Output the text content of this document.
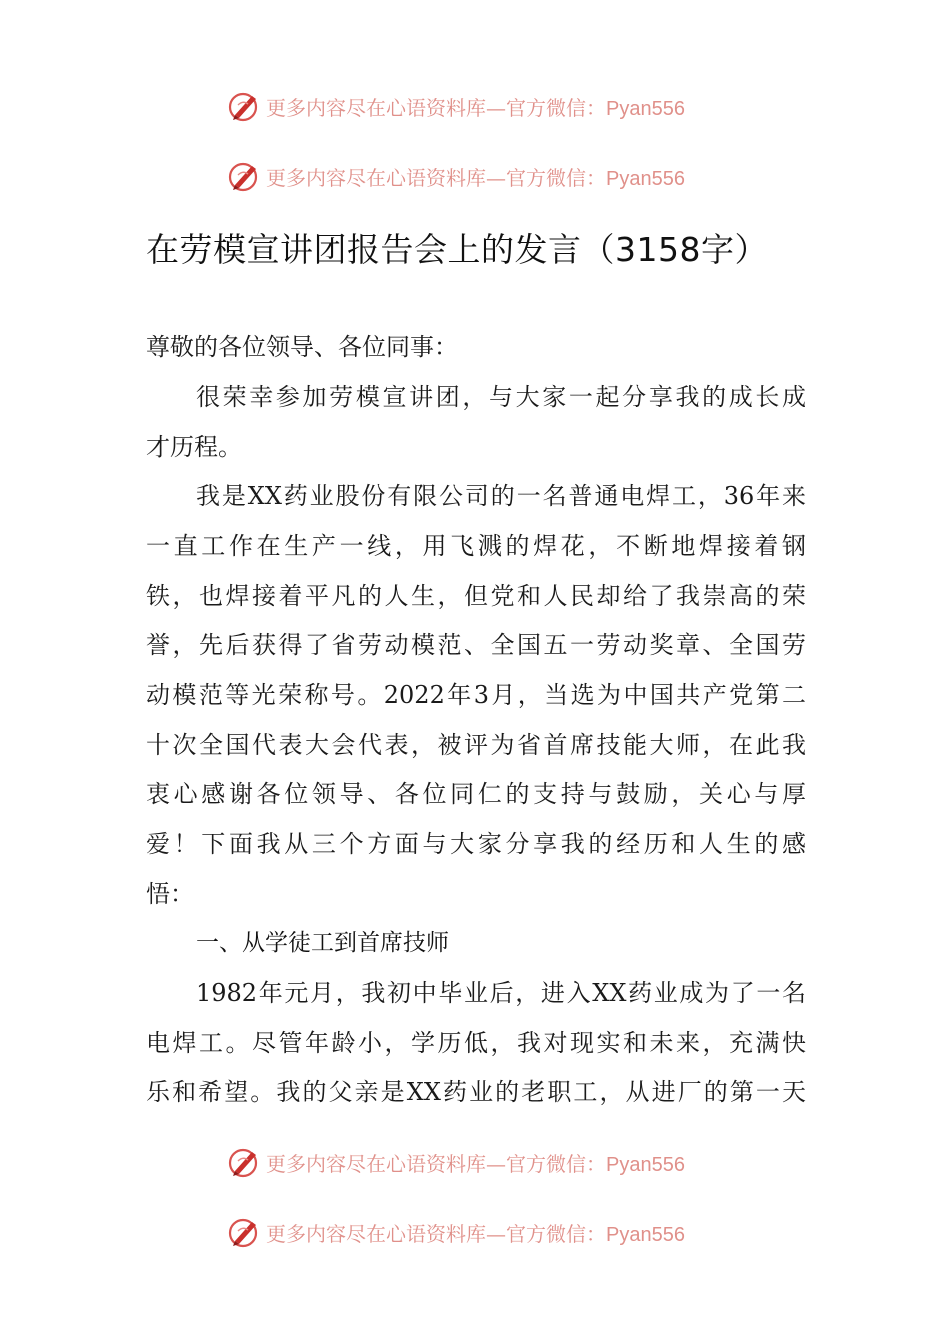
更多内容尽在心语资料库—官方微信：Pyan556
更多内容尽在心语资料库—官方微信：Pyan556
在劳模宣讲团报告会上的发言（3158字）
尊敬的各位领导、各位同事：
很荣幸参加劳模宣讲团，与大家一起分享我的成长成
才历程。
我是XX药业股份有限公司的一名普通电焊工，36年来
一直工作在生产一线，用飞溅的焊花，不断地焊接着钢
铁，也焊接着平凡的人生，但党和人民却给了我崇高的荣
誉，先后获得了省劳动模范、全国五一劳动奖章、全国劳
动模范等光荣称号。2022年3月，当选为中国共产党第二
十次全国代表大会代表，被评为省首席技能大师，在此我
衷心感谢各位领导、各位同仁的支持与鼓励，关心与厚
爱！下面我从三个方面与大家分享我的经历和人生的感
悟：
一、从学徒工到首席技师
1982年元月，我初中毕业后，进入XX药业成为了一名
电焊工。尽管年龄小，学历低，我对现实和未来，充满快
乐和希望。我的父亲是XX药业的老职工，从进厂的第一天
更多内容尽在心语资料库—官方微信：Pyan556
更多内容尽在心语资料库—官方微信：Pyan556
